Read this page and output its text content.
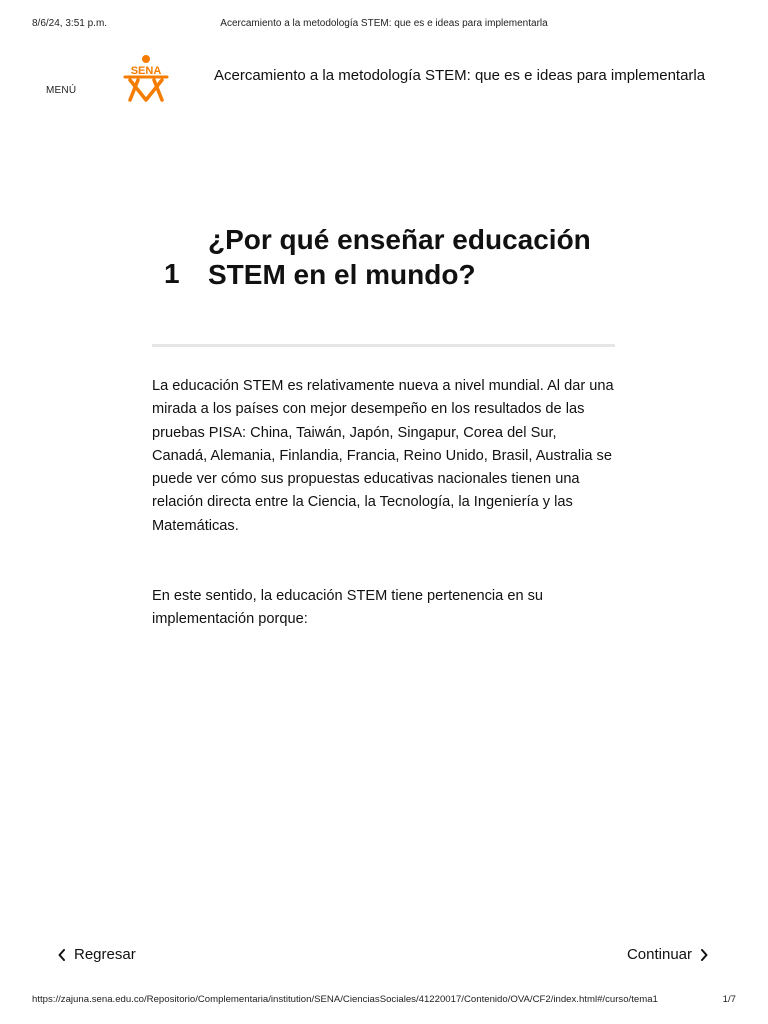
8/6/24, 3:51 p.m.	Acercamiento a la metodología STEM: que es e ideas para implementarla
MENÚ
SENA	Acercamiento a la metodología STEM: que es e ideas para implementarla
1
¿Por qué enseñar educación STEM en el mundo?

La educación STEM es relativamente nueva a nivel mundial. Al dar una mirada a los países con mejor desempeño en los resultados de las pruebas PISA: China, Taiwán, Japón, Singapur, Corea del Sur, Canadá, Alemania, Finlandia, Francia, Reino Unido, Brasil, Australia se puede ver cómo sus propuestas educativas nacionales tienen una relación directa entre la Ciencia, la Tecnología, la Ingeniería y las Matemáticas.

En este sentido, la educación STEM tiene pertenencia en su implementación porque:

Regresar	Continuar
https://zajuna.sena.edu.co/Repositorio/Complementaria/institution/SENA/CienciasSociales/41220017/Contenido/OVA/CF2/index.html#/curso/tema1	1/7
